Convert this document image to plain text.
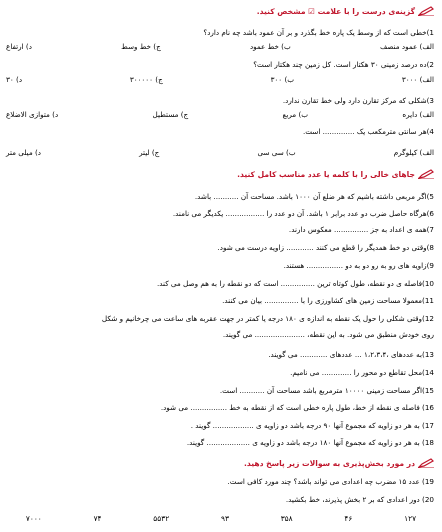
گزینه‌ی درست را با علامت ☑ مشخص کنید.
1)خطی است که از وسط یک پاره خط بگذرد و بر آن عمود باشد چه نام دارد؟
الف) عمود منصف
ب) خط عمود
ج) خط وسط
د) ارتفاع
2)ده درصد زمینی ۳۰ هکتار است. کل زمین چند هکتار است؟
الف) ۳۰۰۰
ب) ۳۰۰
ج) ۳۰۰۰۰۰
د) ۳۰
3)شکلی که مرکز تقارن دارد ولی خط تقارن ندارد.
الف) دایره
ب) مربع
ج) مستطیل
د) متوازی الاضلاع
4)هر سانتی مترمکعب یک .............. است.
الف) کیلوگرم
ب) سی سی
ج) لیتر
د) میلی متر
جاهای خالی را با کلمه یا عدد مناسب کامل کنید.
5)اگر مربعی داشته باشیم که هر ضلع آن ۱۰۰۰ باشد. مساحت آن ........... باشد.
6)هرگاه حاصل ضرب دو عدد برابر ۱ باشد. آن دو عدد را ................. یکدیگر می نامند.
7)همه ی اعداد به جز ............... معکوس دارند.
8)وقتی دو خط همدیگر را قطع می کنند ............ زاویه درست می شود.
9)زاویه های رو به رو دو به دو ................ هستند.
10)فاصله ی دو نقطه، طول کوتاه ترین ............... است که دو نقطه را به هم وصل می کند.
11)معمولا مساحت زمین های کشاورزی را با ............... بیان می کنند.
12)وقتی شکلی را حول یک نقطه به اندازه ی ۱۸۰ درجه یا کمتر در جهت عقربه های ساعت می چرخانیم و شکل
روی خودش منطبق می شود. به این نقطه، ...................... می گویند.
13)به عددهای ،۱،۲،۳،۴ ... عددهای ............ می گویند.
14)محل تقاطع دو محور را ............. می نامیم.
15)اگر مساحت زمینی ۱۰۰۰۰ مترمربع باشد مساحت آن ........... است.
16) فاصله ی نقطه از خط، طول پاره خطی است که از نقطه به خط ................ می شود.
17) به هر دو زاویه که مجموع آنها ۹۰ درجه باشد دو زاویه ی .................. گویند .
18) به هر دو زاویه که مجموع آنها ۱۸۰ درجه باشد دو زاویه ی ................... گویند.
در مورد بخش‌پذیری به سوالات زیر پاسخ دهید.
19) عدد ۱۵ مضرب چه اعدادی می تواند باشد؟ چند مورد کافی است.
20) دور اعدادی که بر ۲ بخش پذیرند، خط بکشید.
۷۰۰۰	۷۴	۵۵۳۲	۹۳	۳۵۸	۴۶	۱۲۷
